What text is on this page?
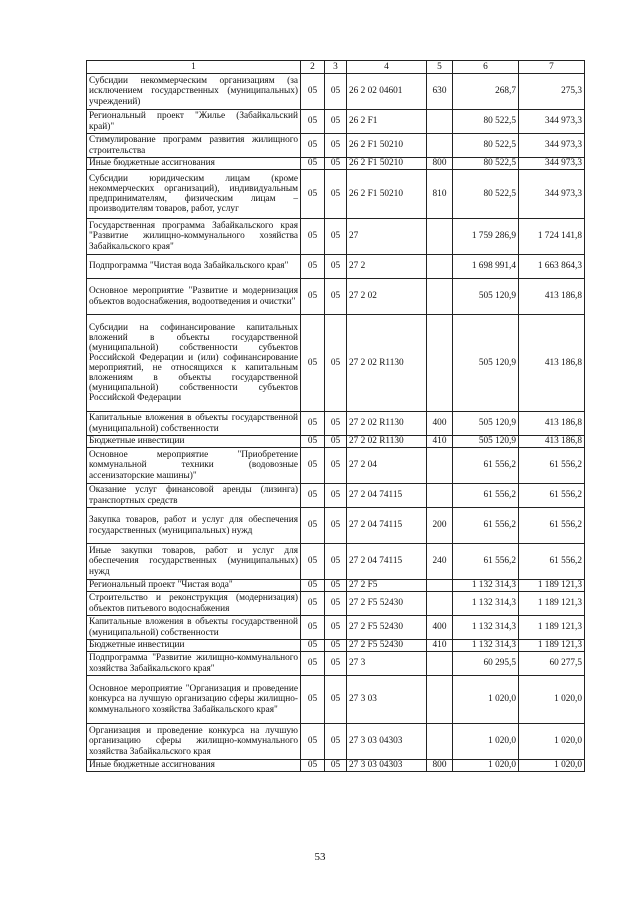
1	2	3	4	5	6	7
Субсидии некоммерческим организациям (за исключением государственных (муниципальных) учреждений)	05	05	26 2 02 04601	630	268,7	275,3
Региональный проект "Жилье (Забайкальский край)"	05	05	26 2 F1		80 522,5	344 973,3
Стимулирование программ развития жилищного строительства	05	05	26 2 F1 50210		80 522,5	344 973,3
Иные бюджетные ассигнования	05	05	26 2 F1 50210	800	80 522,5	344 973,3
Субсидии юридическим лицам (кроме некоммерческих организаций), индивидуальным предпринимателям, физическим лицам – производителям товаров, работ, услуг	05	05	26 2 F1 50210	810	80 522,5	344 973,3
Государственная программа Забайкальского края "Развитие жилищно-коммунального хозяйства Забайкальского края"	05	05	27		1 759 286,9	1 724 141,8
Подпрограмма "Чистая вода Забайкальского края"	05	05	27 2		1 698 991,4	1 663 864,3
Основное мероприятие "Развитие и модернизация объектов водоснабжения, водоотведения и очистки"	05	05	27 2 02		505 120,9	413 186,8
Субсидии на софинансирование капитальных вложений в объекты государственной (муниципальной) собственности субъектов Российской Федерации и (или) софинансирование мероприятий, не относящихся к капитальным вложениям в объекты государственной (муниципальной) собственности субъектов Российской Федерации	05	05	27 2 02 R1130		505 120,9	413 186,8
Капитальные вложения в объекты государственной (муниципальной) собственности	05	05	27 2 02 R1130	400	505 120,9	413 186,8
Бюджетные инвестиции	05	05	27 2 02 R1130	410	505 120,9	413 186,8
Основное мероприятие "Приобретение коммунальной техники (водовозные ассенизаторские машины)"	05	05	27 2 04		61 556,2	61 556,2
Оказание услуг финансовой аренды (лизинга) транспортных средств	05	05	27 2 04 74115		61 556,2	61 556,2
Закупка товаров, работ и услуг для обеспечения государственных (муниципальных) нужд	05	05	27 2 04 74115	200	61 556,2	61 556,2
Иные закупки товаров, работ и услуг для обеспечения государственных (муниципальных) нужд	05	05	27 2 04 74115	240	61 556,2	61 556,2
Региональный проект "Чистая вода"	05	05	27 2 F5		1 132 314,3	1 189 121,3
Строительство и реконструкция (модернизация) объектов питьевого водоснабжения	05	05	27 2 F5 52430		1 132 314,3	1 189 121,3
Капитальные вложения в объекты государственной (муниципальной) собственности	05	05	27 2 F5 52430	400	1 132 314,3	1 189 121,3
Бюджетные инвестиции	05	05	27 2 F5 52430	410	1 132 314,3	1 189 121,3
Подпрограмма "Развитие жилищно-коммунального хозяйства Забайкальского края"	05	05	27 3		60 295,5	60 277,5
Основное мероприятие "Организация и проведение конкурса на лучшую организацию сферы жилищно-коммунального хозяйства Забайкальского края"	05	05	27 3 03		1 020,0	1 020,0
Организация и проведение конкурса на лучшую организацию сферы жилищно-коммунального хозяйства Забайкальского края	05	05	27 3 03 04303		1 020,0	1 020,0
Иные бюджетные ассигнования	05	05	27 3 03 04303	800	1 020,0	1 020,0
53
